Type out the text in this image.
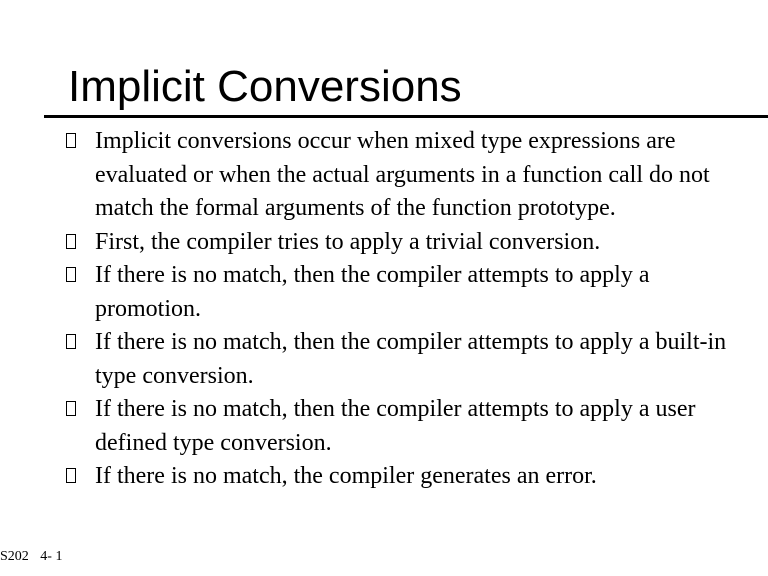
Implicit Conversions
Implicit conversions occur when mixed type expressions are evaluated or when the actual arguments in a function call do not match the formal arguments of the function prototype.
First, the compiler tries to apply a trivial conversion.
If there is no match, then the compiler attempts to apply a promotion.
If there is no match, then the compiler attempts to apply a built-in type conversion.
If there is no match, then the compiler attempts to apply a user defined type conversion.
If there is no match, the compiler generates an error.
S202 4- 1
